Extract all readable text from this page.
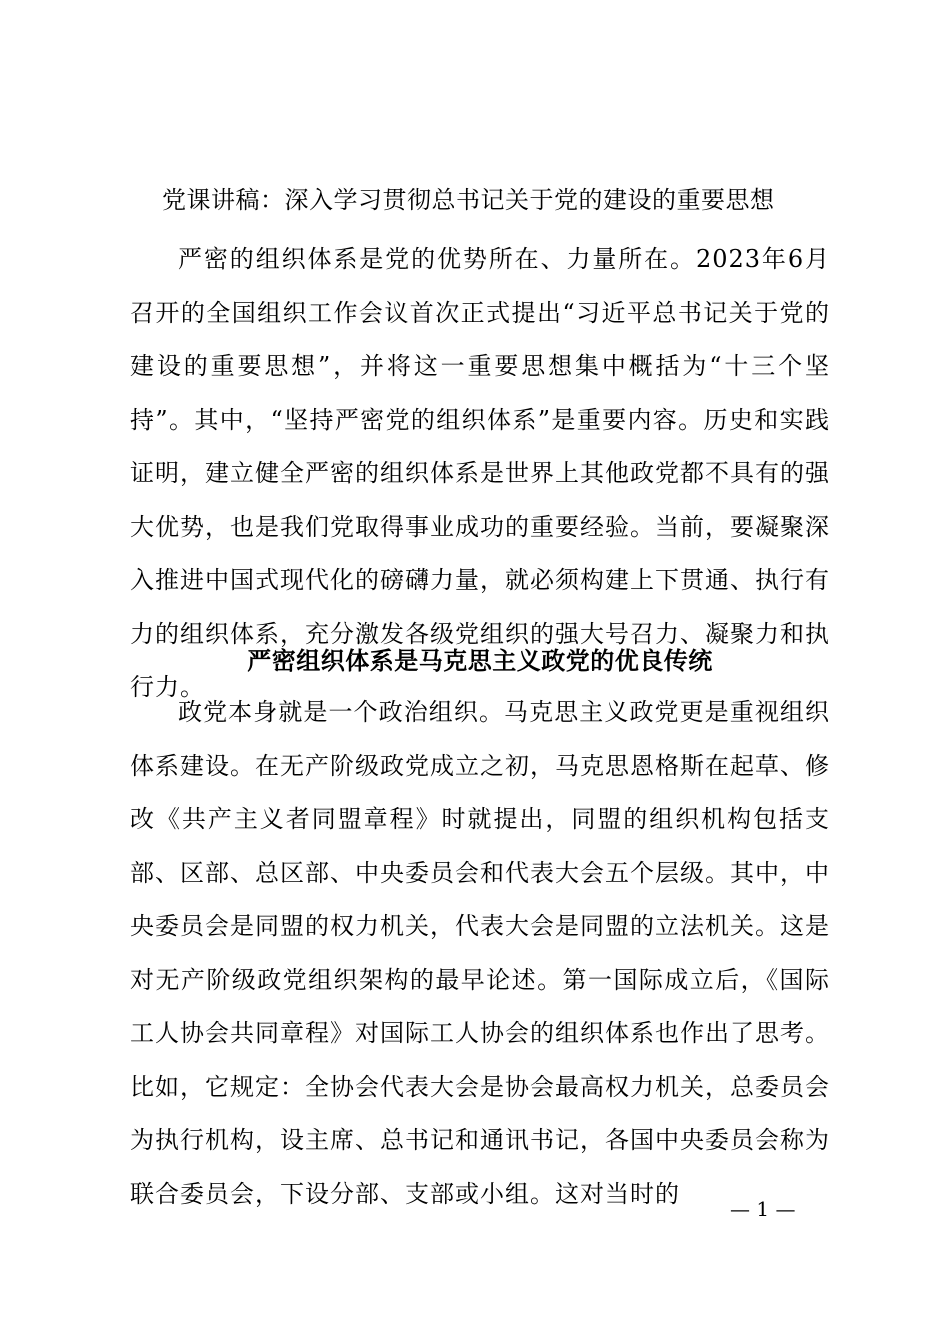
党课讲稿：深入学习贯彻总书记关于党的建设的重要思想

严密的组织体系是党的优势所在、力量所在。2023年6月召开的全国组织工作会议首次正式提出“习近平总书记关于党的建设的重要思想”，并将这一重要思想集中概括为“十三个坚持”。其中，“坚持严密党的组织体系”是重要内容。历史和实践证明，建立健全严密的组织体系是世界上其他政党都不具有的强大优势，也是我们党取得事业成功的重要经验。当前，要凝聚深入推进中国式现代化的磅礴力量，就必须构建上下贯通、执行有力的组织体系，充分激发各级党组织的强大号召力、凝聚力和执行力。

严密组织体系是马克思主义政党的优良传统

政党本身就是一个政治组织。马克思主义政党更是重视组织体系建设。在无产阶级政党成立之初，马克思恩格斯在起草、修改《共产主义者同盟章程》时就提出，同盟的组织机构包括支部、区部、总区部、中央委员会和代表大会五个层级。其中，中央委员会是同盟的权力机关，代表大会是同盟的立法机关。这是对无产阶级政党组织架构的最早论述。第一国际成立后，《国际工人协会共同章程》对国际工人协会的组织体系也作出了思考。比如，它规定：全协会代表大会是协会最高权力机关，总委员会为执行机构，设主席、总书记和通讯书记，各国中央委员会称为联合委员会，下设分部、支部或小组。这对当时的

— 1 —
